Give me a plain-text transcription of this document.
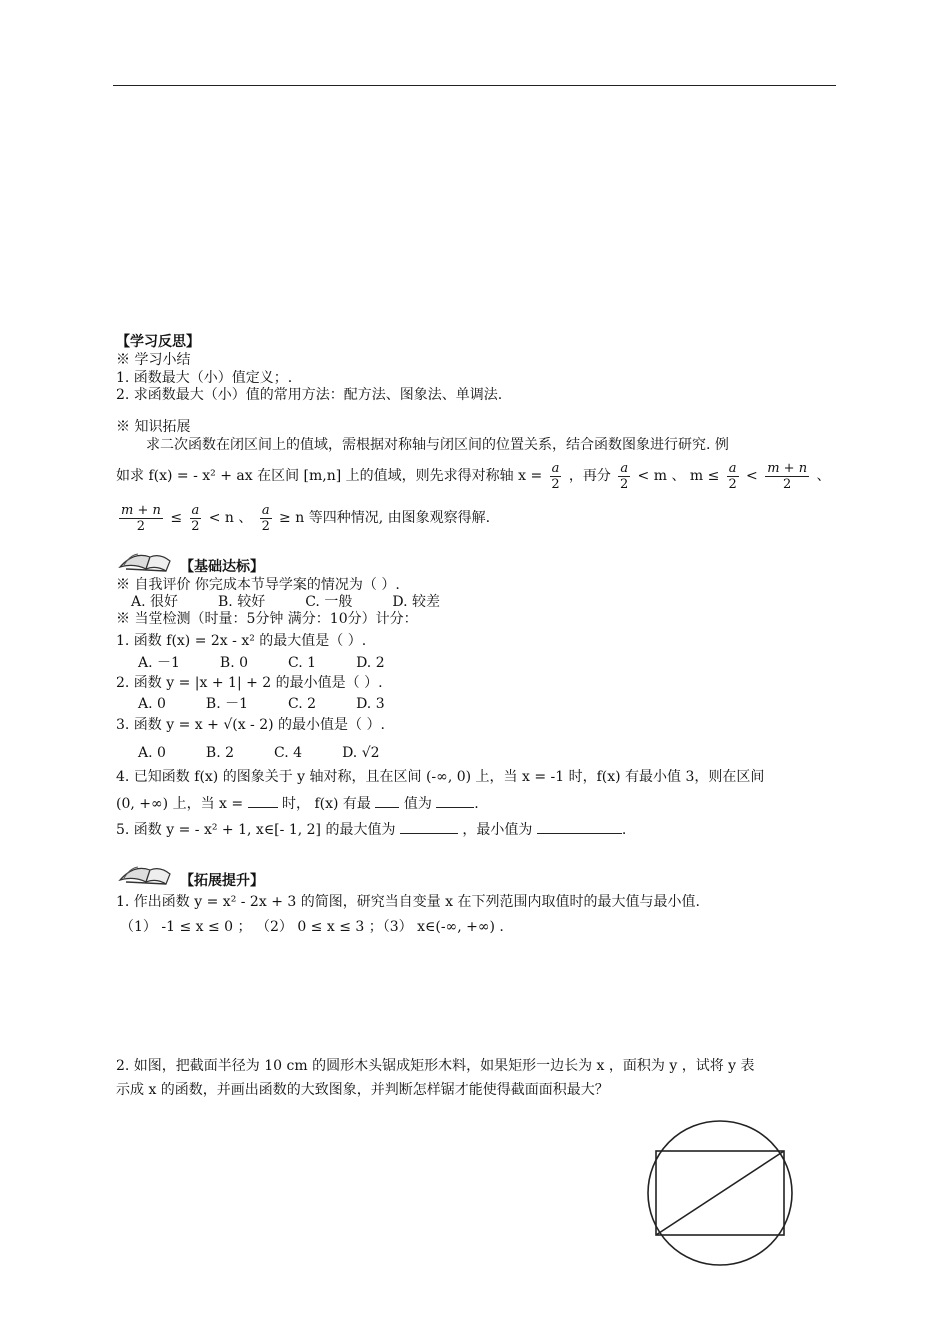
【学习反思】
※ 学习小结
1. 函数最大（小）值定义；.
2. 求函数最大（小）值的常用方法：配方法、图象法、单调法.
※ 知识拓展
求二次函数在闭区间上的值域，需根据对称轴与闭区间的位置关系，结合函数图象进行研究. 例
如求 f(x) = - x² + ax 在区间 [m,n] 上的值域，则先求得对称轴 $x = \frac{a}{2}$ ，再分 $\frac{a}{2} < m$ 、 $m \le \frac{a}{2} < \frac{m + n}{2}$ 、
$\frac{m + n}{2} \le \frac{a}{2} < n$ 、 $\frac{a}{2} \ge n$ 等四种情况, 由图象观察得解.
【基础达标】
※ 自我评价 你完成本节导学案的情况为（ ）.
A. 很好	B. 较好	C. 一般	D. 较差
※ 当堂检测（时量：5分钟 满分：10分）计分：
1. 函数 f(x) = 2x - x² 的最大值是（ ）.
A. －1	B. 0	C. 1	D. 2
2. 函数 y = |x + 1| + 2 的最小值是（ ）.
A. 0	B. －1	C. 2	D. 3
3. 函数 y = x + √(x - 2) 的最小值是（ ）.
A. 0	B. 2	C. 4	D. √2
4. 已知函数 f(x) 的图象关于 y 轴对称，且在区间 (-∞, 0) 上，当 x = -1 时，f(x) 有最小值 3，则在区间
(0, +∞) 上，当 x =	时， f(x) 有最 值为	.
5. 函数 y = - x² + 1, x∈[- 1, 2] 的最大值为	，最小值为	.
【拓展提升】
1. 作出函数 y = x² - 2x + 3 的简图，研究当自变量 x 在下列范围内取值时的最大值与最小值.
（1） -1 ≤ x ≤ 0 ； （2） 0 ≤ x ≤ 3 ；（3） x∈(-∞, +∞) .
2. 如图，把截面半径为 10 cm 的圆形木头锯成矩形木料，如果矩形一边长为 x ，面积为 y ，试将 y 表
示成 x 的函数，并画出函数的大致图象，并判断怎样锯才能使得截面面积最大？
